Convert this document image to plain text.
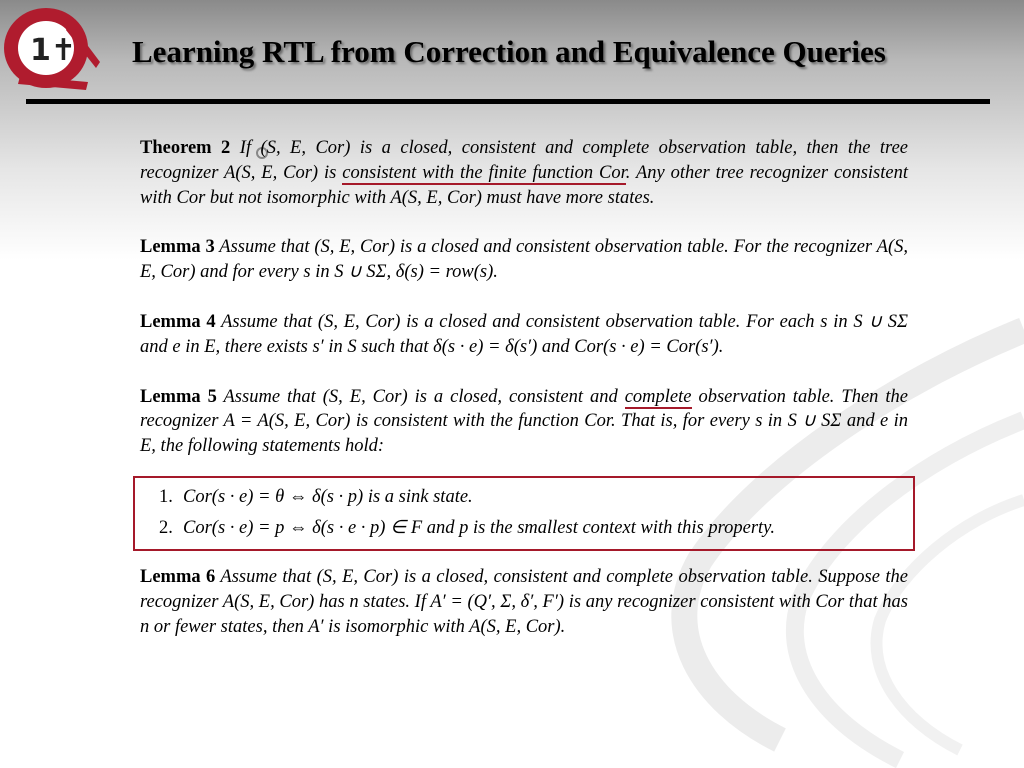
1✝ Learning RTL from Correction and Equivalence Queries

Theorem 2 If (S, E, Cor) is a closed, consistent and complete observation table, then the tree recognizer A(S, E, Cor) is consistent with the finite function Cor. Any other tree recognizer consistent with Cor but not isomorphic with A(S, E, Cor) must have more states.

Lemma 3 Assume that (S, E, Cor) is a closed and consistent observation table. For the recognizer A(S, E, Cor) and for every s in S ∪ SΣ, δ(s) = row(s).

Lemma 4 Assume that (S, E, Cor) is a closed and consistent observation table. For each s in S ∪ SΣ and e in E, there exists s′ in S such that δ(s · e) = δ(s′) and Cor(s · e) = Cor(s′).

Lemma 5 Assume that (S, E, Cor) is a closed, consistent and complete observation table. Then the recognizer A = A(S, E, Cor) is consistent with the function Cor. That is, for every s in S ∪ SΣ and e in E, the following statements hold:

1. Cor(s · e) = θ ⇔ δ(s · p) is a sink state.
2. Cor(s · e) = p ⇔ δ(s · e · p) ∈ F and p is the smallest context with this property.

Lemma 6 Assume that (S, E, Cor) is a closed, consistent and complete observation table. Suppose the recognizer A(S, E, Cor) has n states. If A′ = (Q′, Σ, δ′, F′) is any recognizer consistent with Cor that has n or fewer states, then A′ is isomorphic with A(S, E, Cor).
